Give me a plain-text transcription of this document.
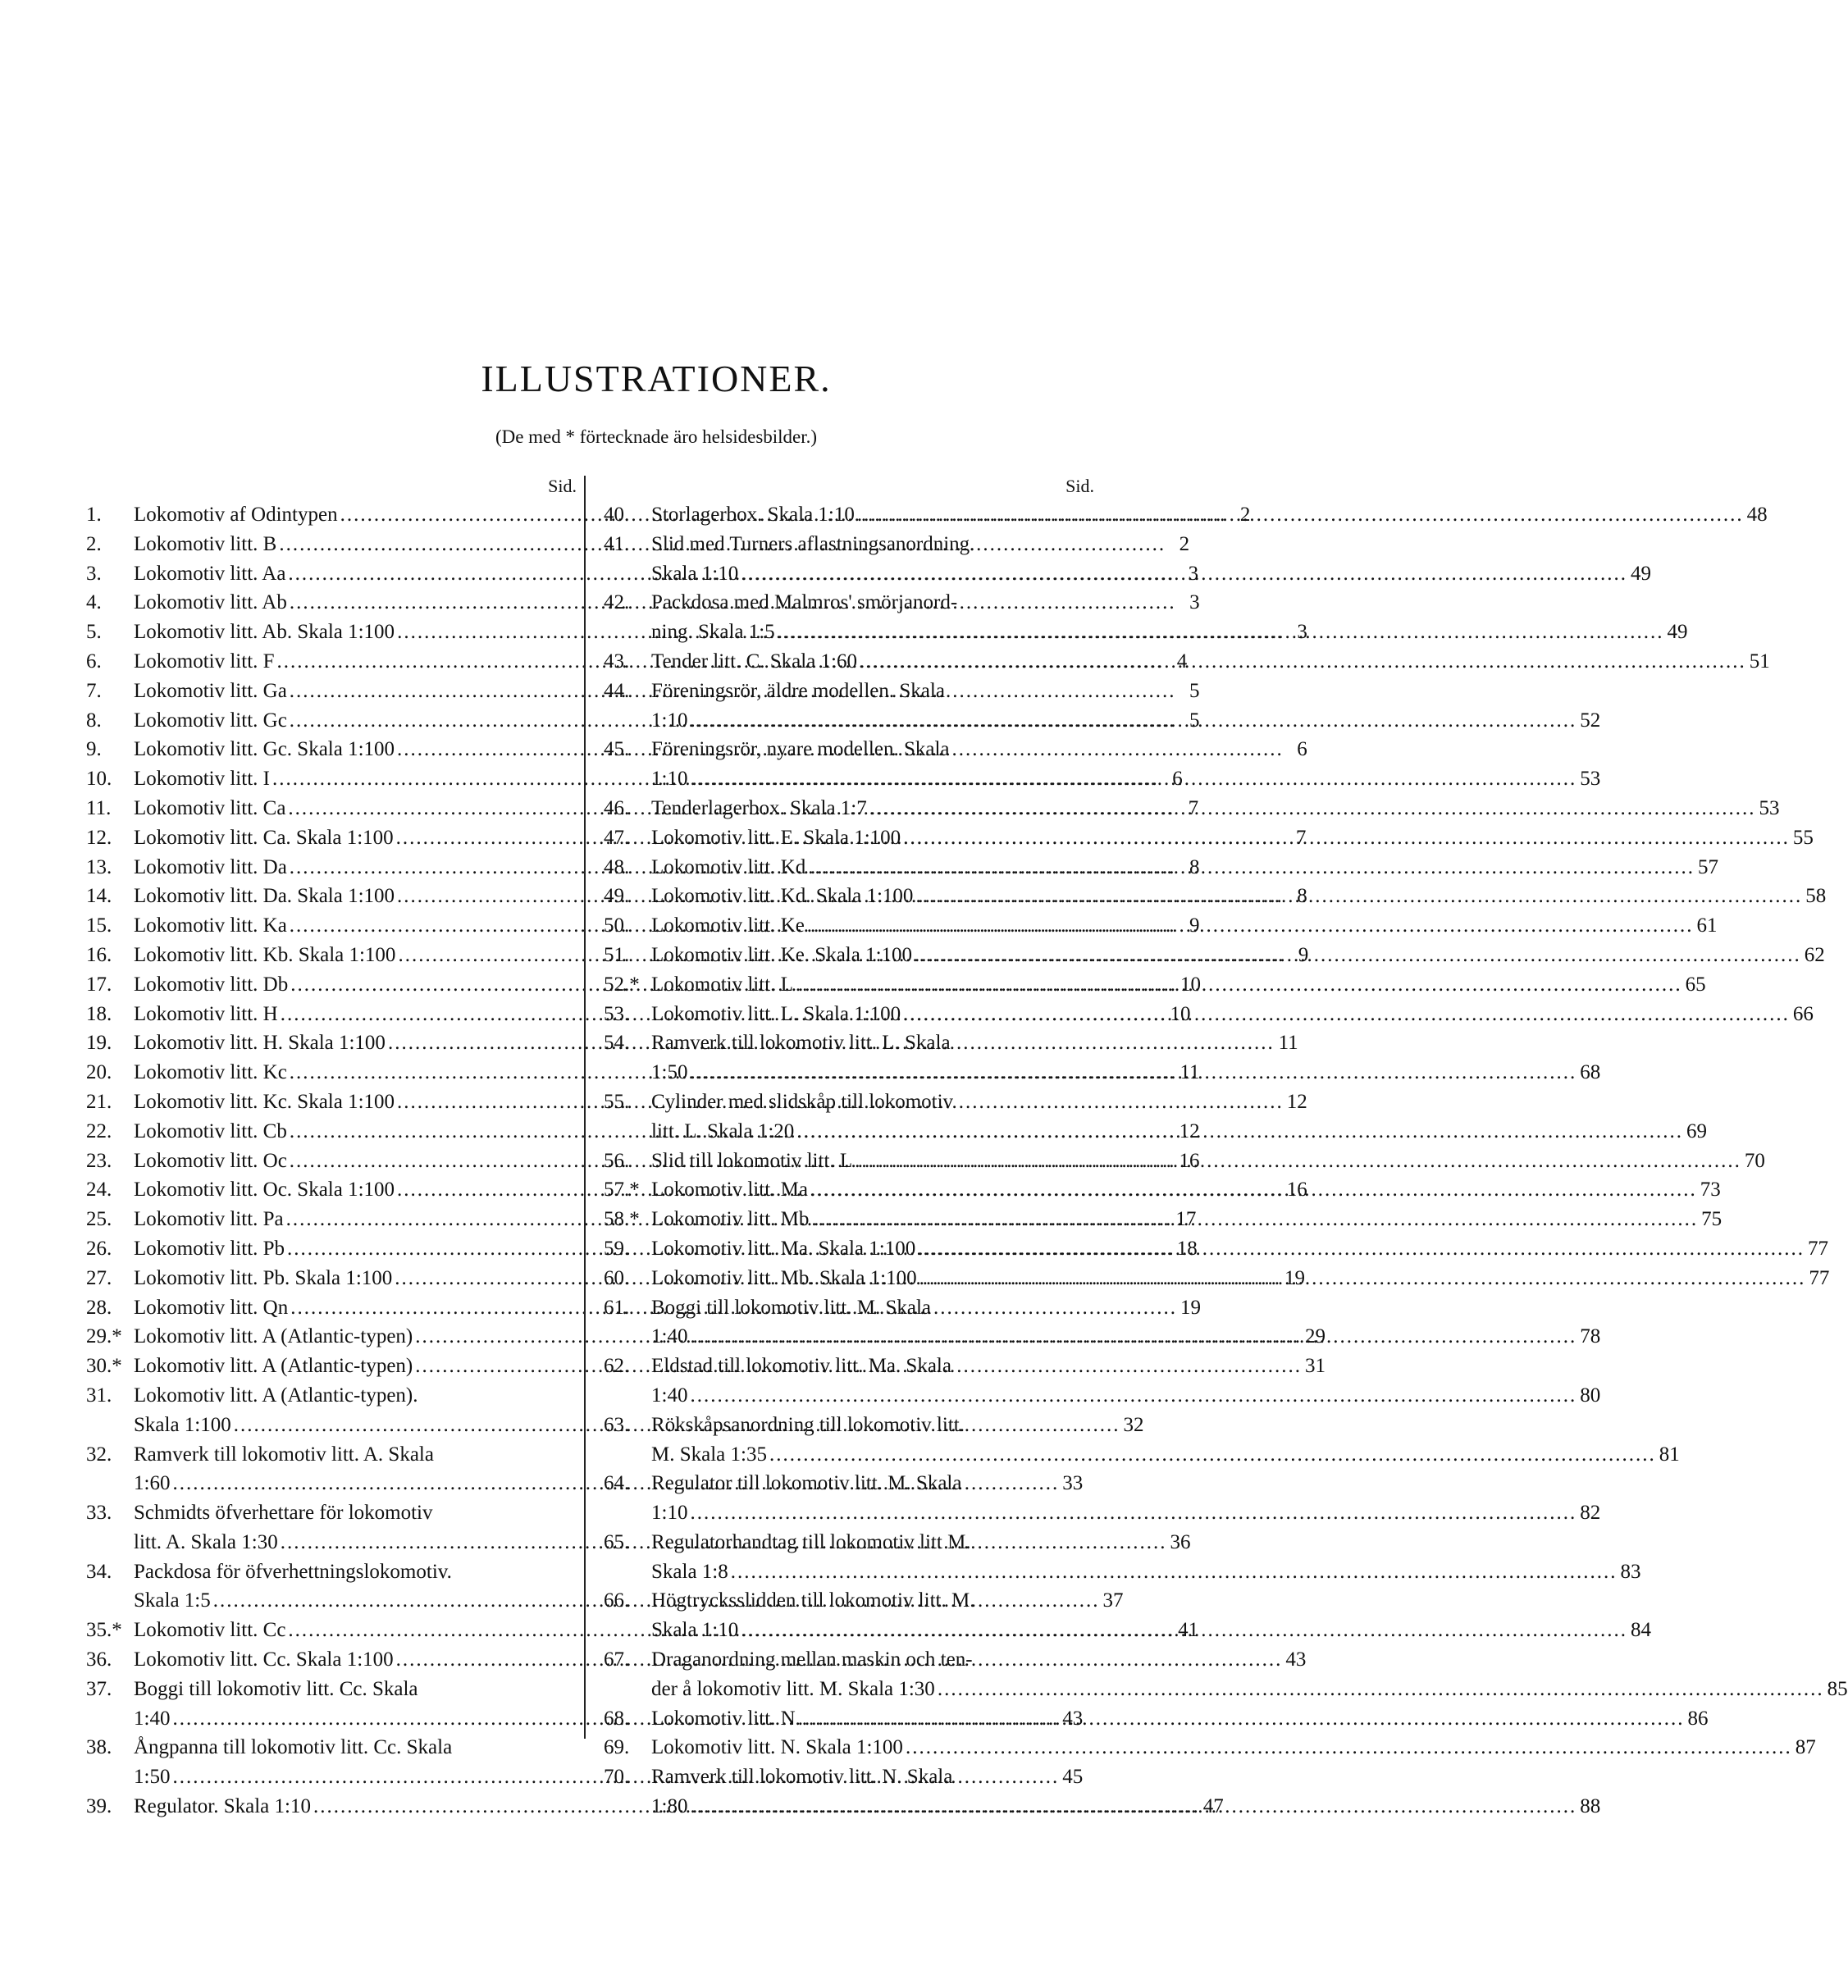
ILLUSTRATIONER.
(De med * förtecknade äro helsidesbilder.)
Sid.
1.	Lokomotiv af Odintypen .....	2
2.	Lokomotiv litt. B .....	2
3.	Lokomotiv litt. Aa .....	3
4.	Lokomotiv litt. Ab .....	3
5.	Lokomotiv litt. Ab. Skala 1:100 .....	3
6.	Lokomotiv litt. F .....	4
7.	Lokomotiv litt. Ga .....	5
8.	Lokomotiv litt. Gc .....	5
9.	Lokomotiv litt. Gc. Skala 1:100 .....	6
10.	Lokomotiv litt. I .....	6
11.	Lokomotiv litt. Ca .....	7
12.	Lokomotiv litt. Ca. Skala 1:100 .....	7
13.	Lokomotiv litt. Da .....	8
14.	Lokomotiv litt. Da. Skala 1:100 .....	8
15.	Lokomotiv litt. Ka .....	9
16.	Lokomotiv litt. Kb. Skala 1:100 .....	9
17.	Lokomotiv litt. Db .....	10
18.	Lokomotiv litt. H .....	10
19.	Lokomotiv litt. H. Skala 1:100 .....	11
20.	Lokomotiv litt. Kc .....	11
21.	Lokomotiv litt. Kc. Skala 1:100 .....	12
22.	Lokomotiv litt. Cb .....	12
23.	Lokomotiv litt. Oc .....	16
24.	Lokomotiv litt. Oc. Skala 1:100 .....	16
25.	Lokomotiv litt. Pa .....	17
26.	Lokomotiv litt. Pb .....	18
27.	Lokomotiv litt. Pb. Skala 1:100 .....	19
28.	Lokomotiv litt. Qn .....	19
29.* Lokomotiv litt. A (Atlantic-typen) .....	29
30.* Lokomotiv litt. A (Atlantic-typen) .....	31
31.	Lokomotiv litt. A (Atlantic-typen).
Skala 1:100 .....	32
32.	Ramverk till lokomotiv litt. A. Skala
1:60 .....	33
33.	Schmidts öfverhettare för lokomotiv
litt. A. Skala 1:30 .....	36
34.	Packdosa för öfverhettningslokomotiv.
Skala 1:5 .....	37
35.* Lokomotiv litt. Cc .....	41
36.	Lokomotiv litt. Cc. Skala 1:100 .....	43
37.	Boggi till lokomotiv litt. Cc. Skala
1:40 .....	43
38.	Ångpanna till lokomotiv litt. Cc. Skala
1:50 .....	45
39.	Regulator. Skala 1:10 .....	47
Sid.
40.	Storlagerbox. Skala 1:10 .....	48
41.	Slid med Turners aflastningsanordning.
Skala 1:10 .....	49
42.	Packdosa med Malmros' smörjanord-
ning. Skala 1:5 .....	49
43.	Tender litt. C. Skala 1:60 .....	51
44.	Föreningsrör, äldre modellen. Skala
1:10 .....	52
45.	Föreningsrör, nyare modellen. Skala
1:10 .....	53
46.	Tenderlagerbox. Skala 1:7 .....	53
47.	Lokomotiv litt. E. Skala 1:100 .....	55
48.	Lokomotiv litt. Kd .....	57
49.	Lokomotiv litt. Kd. Skala 1:100 .....	58
50.	Lokomotiv litt. Ke .....	61
51.	Lokomotiv litt. Ke. Skala 1:100 .....	62
52.* Lokomotiv litt. L .....	65
53.	Lokomotiv litt. L. Skala 1:100 .....	66
54.	Ramverk till lokomotiv litt. L. Skala
1:50 .....	68
55.	Cylinder med slidskåp till lokomotiv
litt. L. Skala 1:20 .....	69
56.	Slid till lokomotiv litt. L .....	70
57.* Lokomotiv litt. Ma .....	73
58.* Lokomotiv litt. Mb .....	75
59.	Lokomotiv litt. Ma. Skala 1:100 .....	77
60.	Lokomotiv litt. Mb. Skala 1:100 .....	77
61.	Boggi till lokomotiv litt. M. Skala
1:40 .....	78
62.	Eldstad till lokomotiv litt. Ma. Skala
1:40 .....	80
63.	Rökskåpsanordning till lokomotiv litt.
M. Skala 1:35 .....	81
64.	Regulator till lokomotiv litt. M. Skala
1:10 .....	82
65.	Regulatorhandtag till lokomotiv litt M.
Skala 1:8 .....	83
66.	Högtrycksslidden till lokomotiv litt. M.
Skala 1:10 .....	84
67.	Draganordning mellan maskin och ten-
der å lokomotiv litt. M. Skala 1:30 .....	85
68.	Lokomotiv litt. N .....	86
69.	Lokomotiv litt. N. Skala 1:100 .....	87
70.	Ramverk till lokomotiv litt. N. Skala
1:80 .....	88
